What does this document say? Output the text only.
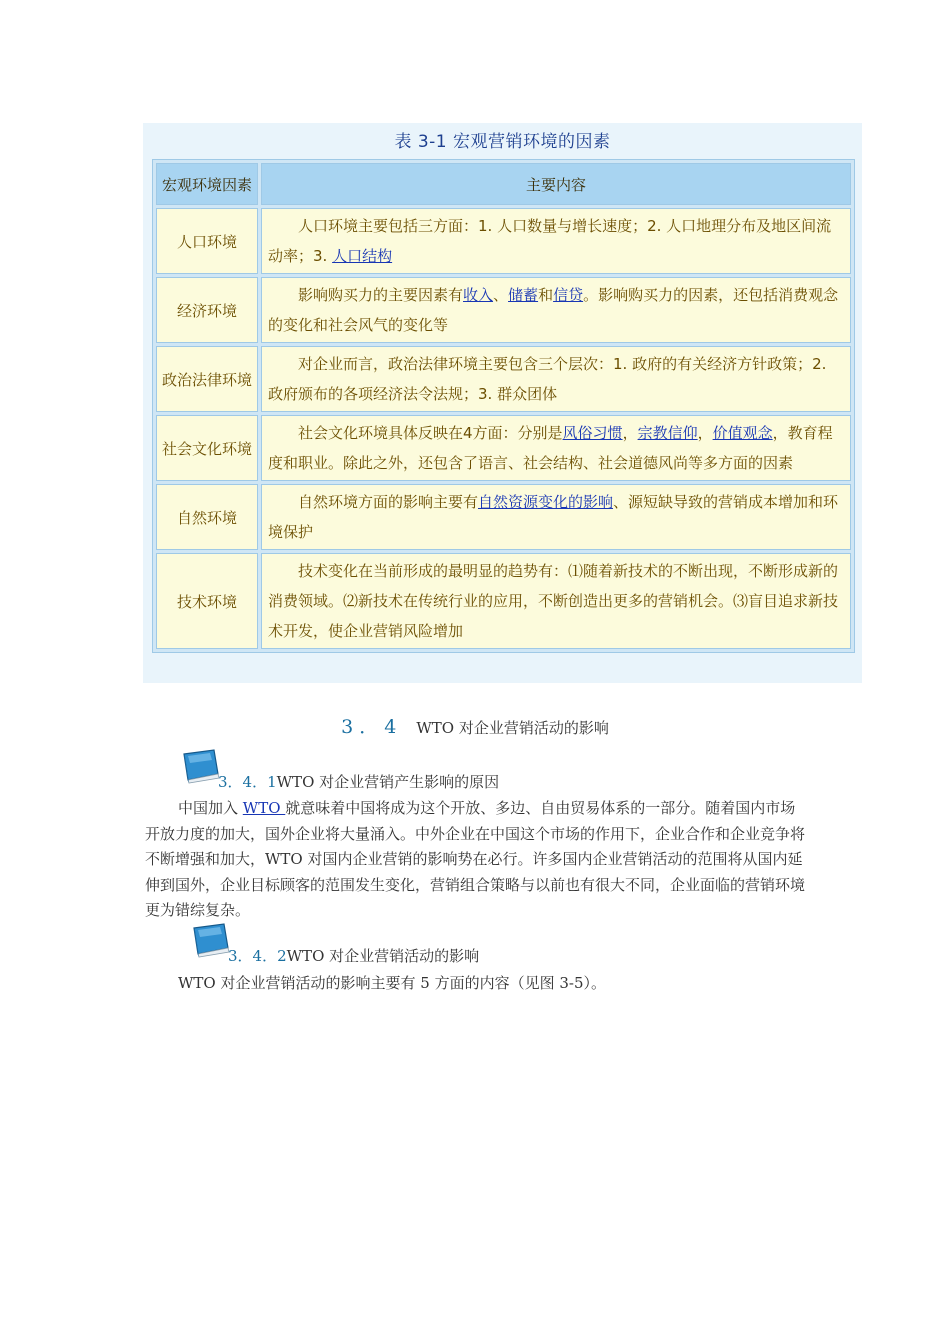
表 3-1 宏观营销环境的因素
宏观环境因素	主要内容
人口环境	人口环境主要包括三方面：1. 人口数量与增长速度；2. 人口地理分布及地区间流动率；3. 人口结构
经济环境	影响购买力的主要因素有收入、储蓄和信贷。影响购买力的因素，还包括消费观念的变化和社会风气的变化等
政治法律环境	对企业而言，政治法律环境主要包含三个层次：1. 政府的有关经济方针政策；2. 政府颁布的各项经济法令法规；3. 群众团体
社会文化环境	社会文化环境具体反映在4方面：分别是风俗习惯，宗教信仰，价值观念，教育程度和职业。除此之外，还包含了语言、社会结构、社会道德风尚等多方面的因素
自然环境	自然环境方面的影响主要有自然资源变化的影响、源短缺导致的营销成本增加和环境保护
技术环境	技术变化在当前形成的最明显的趋势有：⑴随着新技术的不断出现，不断形成新的消费领域。⑵新技术在传统行业的应用，不断创造出更多的营销机会。⑶盲目追求新技术开发，使企业营销风险增加
3．4 WTO 对企业营销活动的影响
3．4．1WTO 对企业营销产生影响的原因
中国加入 WTO 就意味着中国将成为这个开放、多边、自由贸易体系的一部分。随着国内市场开放力度的加大，国外企业将大量涌入。中外企业在中国这个市场的作用下，企业合作和企业竞争将不断增强和加大，WTO 对国内企业营销的影响势在必行。许多国内企业营销活动的范围将从国内延伸到国外，企业目标顾客的范围发生变化，营销组合策略与以前也有很大不同，企业面临的营销环境更为错综复杂。
3．4．2WTO 对企业营销活动的影响
WTO 对企业营销活动的影响主要有 5 方面的内容（见图 3-5）。
